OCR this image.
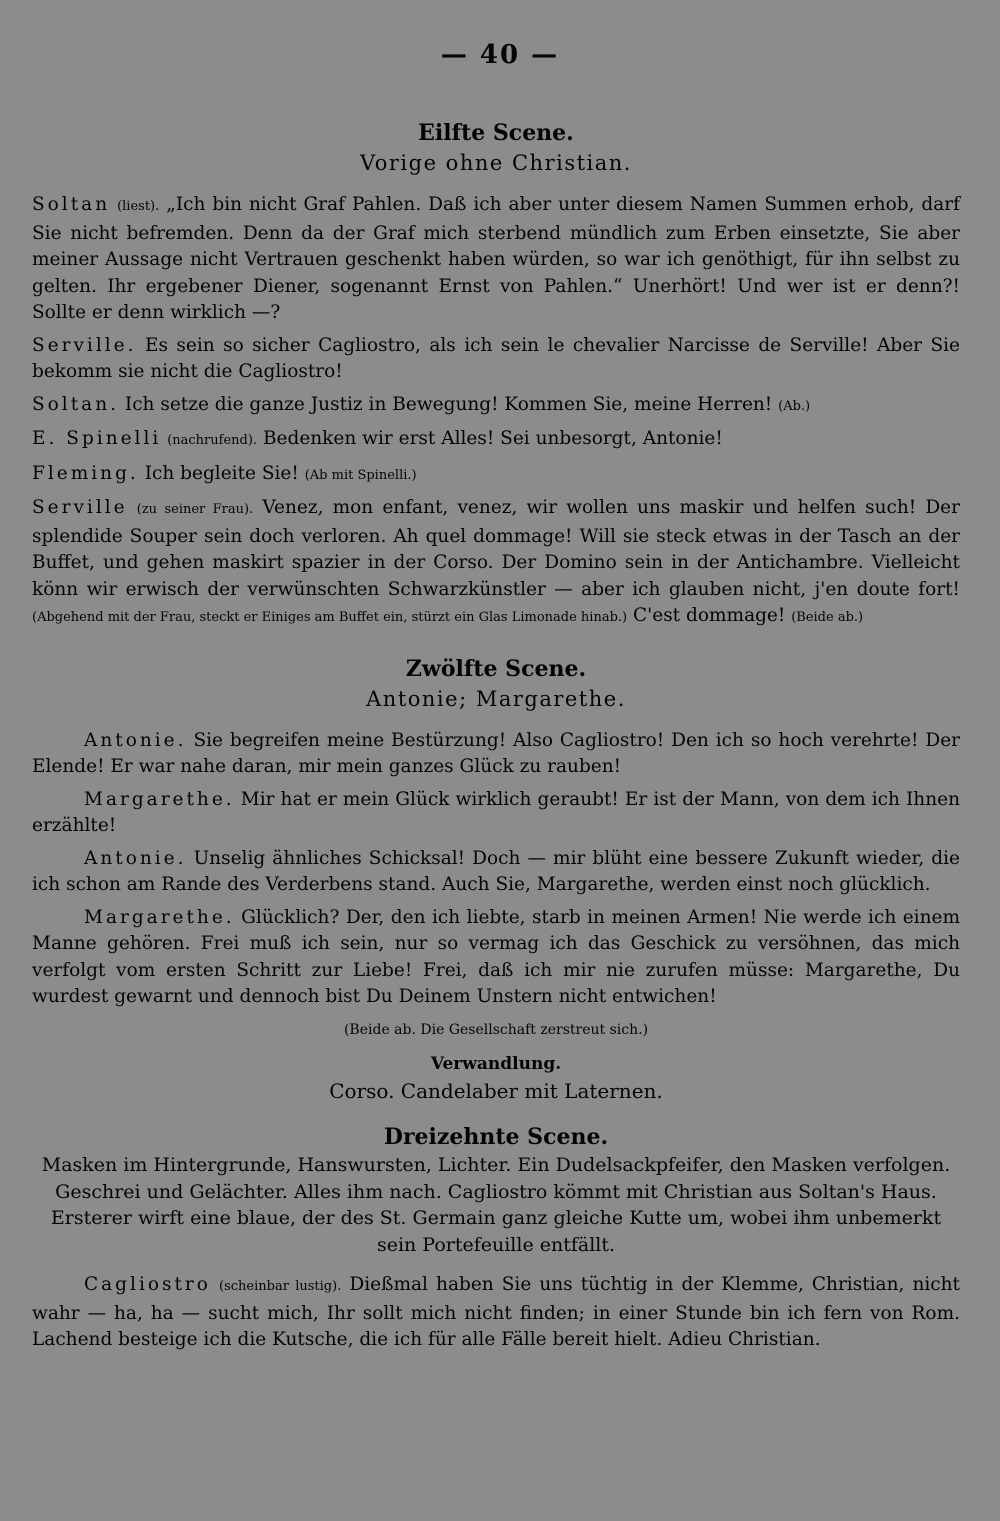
— 40 —
Eilfte Scene.
Vorige ohne Christian.

Soltan (liest). „Ich bin nicht Graf Pahlen. Daß ich aber unter diesem Namen Summen erhob, darf Sie nicht befremden. Denn da der Graf mich sterbend mündlich zum Erben einsetzte, Sie aber meiner Aussage nicht Vertrauen geschenkt haben würden, so war ich genöthigt, für ihn selbst zu gelten. Ihr ergebener Diener, sogenannt Ernst von Pahlen.“ Unerhört! Und wer ist er denn?! Sollte er denn wirklich —?

Serville. Es sein so sicher Cagliostro, als ich sein le chevalier Narcisse de Serville! Aber Sie bekomm sie nicht die Cagliostro!

Soltan. Ich setze die ganze Justiz in Bewegung! Kommen Sie, meine Herren! (Ab.)

E. Spinelli (nachrufend). Bedenken wir erst Alles! Sei unbesorgt, Antonie!

Fleming. Ich begleite Sie! (Ab mit Spinelli.)

Serville (zu seiner Frau). Venez, mon enfant, venez, wir wollen uns maskir und helfen such! Der splendide Souper sein doch verloren. Ah quel dommage! Will sie steck etwas in der Tasch an der Buffet, und gehen maskirt spazier in der Corso. Der Domino sein in der Antichambre. Vielleicht könn wir erwisch der verwünschten Schwarzkünstler — aber ich glauben nicht, j'en doute fort! (Abgehend mit der Frau, steckt er Einiges am Buffet ein, stürzt ein Glas Limonade hinab.) C'est dommage! (Beide ab.)

Zwölfte Scene.
Antonie; Margarethe.

Antonie. Sie begreifen meine Bestürzung! Also Cagliostro! Den ich so hoch verehrte! Der Elende! Er war nahe daran, mir mein ganzes Glück zu rauben!

Margarethe. Mir hat er mein Glück wirklich geraubt! Er ist der Mann, von dem ich Ihnen erzählte!

Antonie. Unselig ähnliches Schicksal! Doch — mir blüht eine bessere Zukunft wieder, die ich schon am Rande des Verderbens stand. Auch Sie, Margarethe, werden einst noch glücklich.

Margarethe. Glücklich? Der, den ich liebte, starb in meinen Armen! Nie werde ich einem Manne gehören. Frei muß ich sein, nur so vermag ich das Geschick zu versöhnen, das mich verfolgt vom ersten Schritt zur Liebe! Frei, daß ich mir nie zurufen müsse: Margarethe, Du wurdest gewarnt und dennoch bist Du Deinem Unstern nicht entwichen!

(Beide ab. Die Gesellschaft zerstreut sich.)
Verwandlung.
Corso. Candelaber mit Laternen.
Dreizehnte Scene.
Masken im Hintergrunde, Hanswursten, Lichter. Ein Dudelsackpfeifer, den Masken verfolgen. Geschrei und Gelächter. Alles ihm nach. Cagliostro kömmt mit Christian aus Soltan's Haus. Ersterer wirft eine blaue, der des St. Germain ganz gleiche Kutte um, wobei ihm unbemerkt sein Portefeuille entfällt.

Cagliostro (scheinbar lustig). Dießmal haben Sie uns tüchtig in der Klemme, Christian, nicht wahr — ha, ha — sucht mich, Ihr sollt mich nicht finden; in einer Stunde bin ich fern von Rom. Lachend besteige ich die Kutsche, die ich für alle Fälle bereit hielt. Adieu Christian.
